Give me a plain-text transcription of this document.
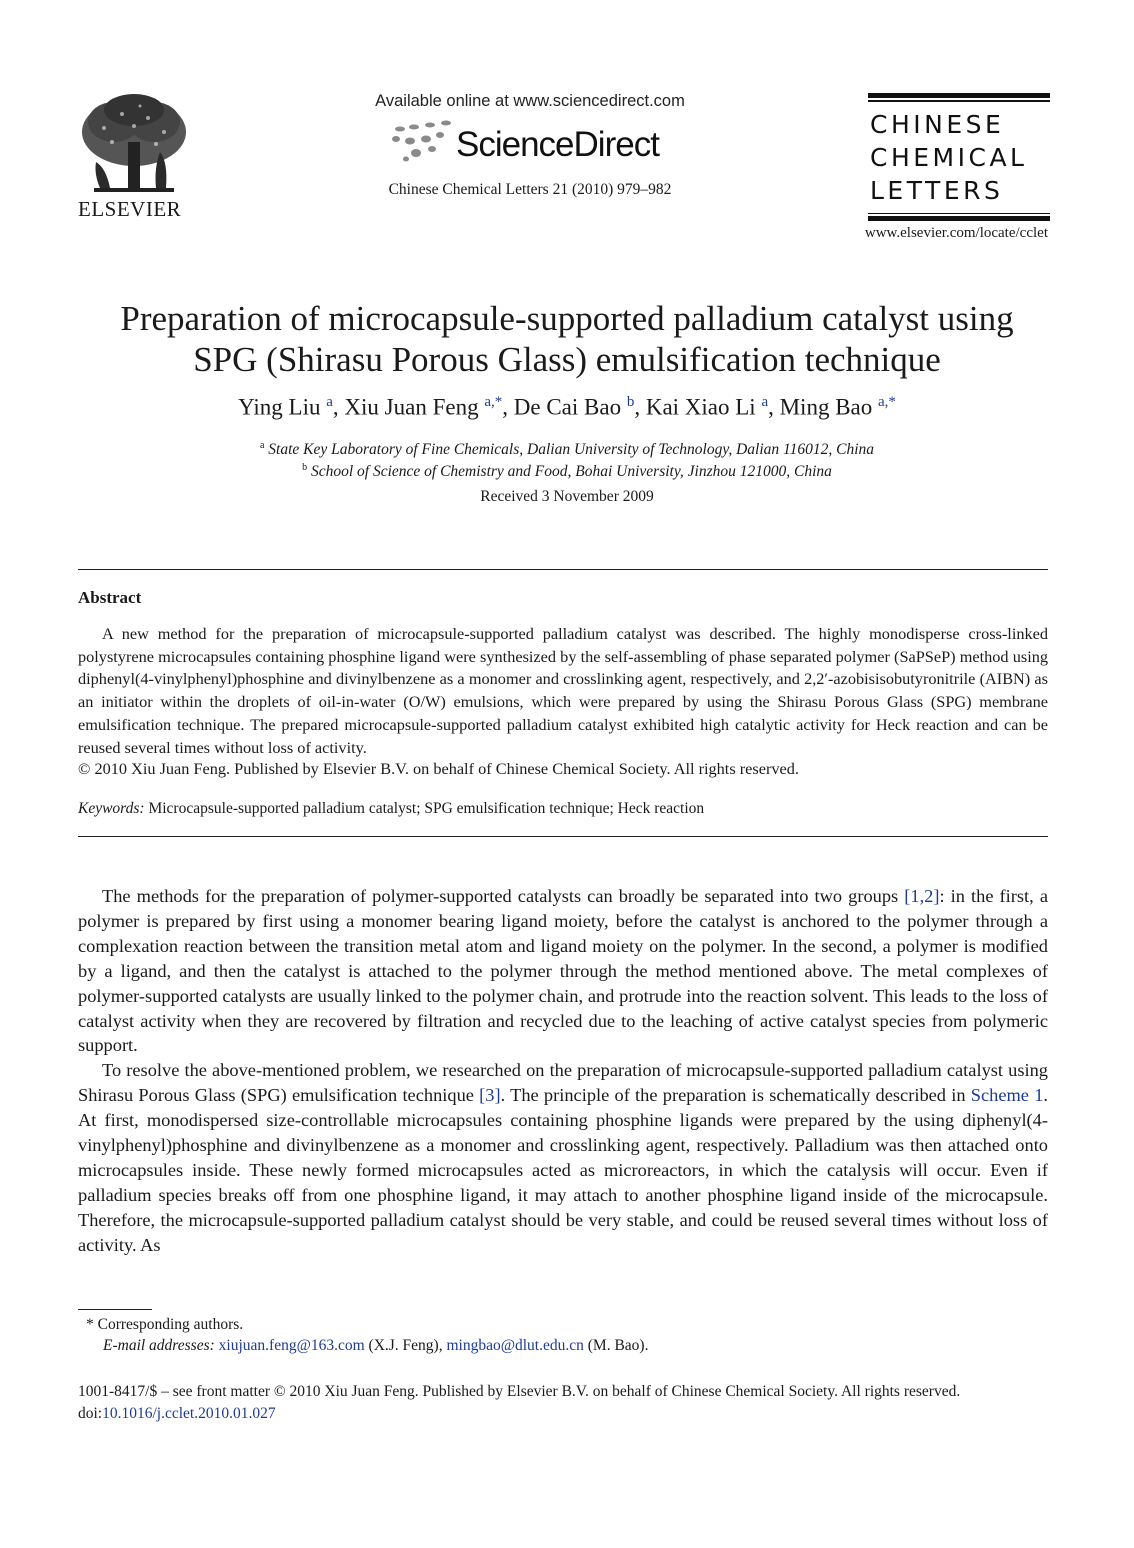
ELSEVIER
Available online at www.sciencedirect.com
ScienceDirect
Chinese Chemical Letters 21 (2010) 979–982
CHINESE
CHEMICAL
LETTERS
www.elsevier.com/locate/cclet
Preparation of microcapsule-supported palladium catalyst using
SPG (Shirasu Porous Glass) emulsification technique
Ying Liu $^a$, Xiu Juan Feng $^{a,*}$, De Cai Bao $^b$, Kai Xiao Li $^a$, Ming Bao $^{a,*}$
$^a$ State Key Laboratory of Fine Chemicals, Dalian University of Technology, Dalian 116012, China
$^b$ School of Science of Chemistry and Food, Bohai University, Jinzhou 121000, China
Received 3 November 2009
Abstract
A new method for the preparation of microcapsule-supported palladium catalyst was described. The highly monodisperse cross-linked polystyrene microcapsules containing phosphine ligand were synthesized by the self-assembling of phase separated polymer (SaPSeP) method using diphenyl(4-vinylphenyl)phosphine and divinylbenzene as a monomer and crosslinking agent, respectively, and 2,2′-azobisisobutyronitrile (AIBN) as an initiator within the droplets of oil-in-water (O/W) emulsions, which were prepared by using the Shirasu Porous Glass (SPG) membrane emulsification technique. The prepared microcapsule-supported palladium catalyst exhibited high catalytic activity for Heck reaction and can be reused several times without loss of activity.
© 2010 Xiu Juan Feng. Published by Elsevier B.V. on behalf of Chinese Chemical Society. All rights reserved.
Keywords: Microcapsule-supported palladium catalyst; SPG emulsification technique; Heck reaction

The methods for the preparation of polymer-supported catalysts can broadly be separated into two groups [1,2]: in the first, a polymer is prepared by first using a monomer bearing ligand moiety, before the catalyst is anchored to the polymer through a complexation reaction between the transition metal atom and ligand moiety on the polymer. In the second, a polymer is modified by a ligand, and then the catalyst is attached to the polymer through the method mentioned above. The metal complexes of polymer-supported catalysts are usually linked to the polymer chain, and protrude into the reaction solvent. This leads to the loss of catalyst activity when they are recovered by filtration and recycled due to the leaching of active catalyst species from polymeric support.

To resolve the above-mentioned problem, we researched on the preparation of microcapsule-supported palladium catalyst using Shirasu Porous Glass (SPG) emulsification technique [3]. The principle of the preparation is schematically described in Scheme 1. At first, monodispersed size-controllable microcapsules containing phosphine ligands were prepared by the using diphenyl(4-vinylphenyl)phosphine and divinylbenzene as a monomer and crosslinking agent, respectively. Palladium was then attached onto microcapsules inside. These newly formed microcapsules acted as microreactors, in which the catalysis will occur. Even if palladium species breaks off from one phosphine ligand, it may attach to another phosphine ligand inside of the microcapsule. Therefore, the microcapsule-supported palladium catalyst should be very stable, and could be reused several times without loss of activity. As

* Corresponding authors.
E-mail addresses: xiujuan.feng@163.com (X.J. Feng), mingbao@dlut.edu.cn (M. Bao).
1001-8417/$ – see front matter © 2010 Xiu Juan Feng. Published by Elsevier B.V. on behalf of Chinese Chemical Society. All rights reserved.
doi:10.1016/j.cclet.2010.01.027
